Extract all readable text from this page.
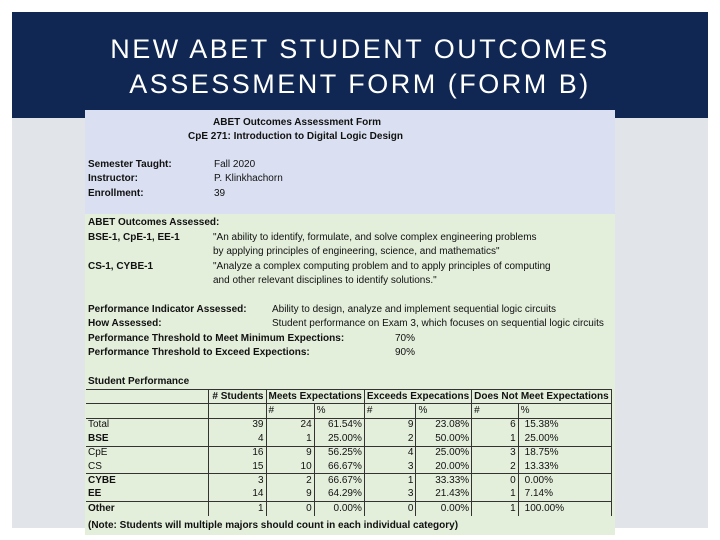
NEW ABET STUDENT OUTCOMES
ASSESSMENT FORM (FORM B)
ABET Outcomes Assessment Form
CpE 271: Introduction to Digital Logic Design
Semester Taught:	Fall 2020
Instructor:	P. Klinkhachorn
Enrollment:	39
ABET Outcomes Assessed:
BSE-1, CpE-1, EE-1	"An ability to identify, formulate, and solve complex engineering problems
by applying principles of engineering, science, and mathematics"
CS-1, CYBE-1	"Analyze a complex computing problem and to apply principles of computing
and other relevant disciplines to identify solutions."
Performance Indicator Assessed:	Ability to design, analyze and implement sequential logic circuits
How Assessed:	Student performance on Exam 3, which focuses on sequential logic circuits
Performance Threshold to Meet Minimum Expections:	70%
Performance Threshold to Exceed Expections:	90%
Student Performance
	# Students	Meets Expectations		Exceeds Expecations		Does Not Meet Expectations	
		#	%	#	%	#	%
Total	39	24	61.54%	9	23.08%	6	15.38%
BSE	4	1	25.00%	2	50.00%	1	25.00%
CpE	16	9	56.25%	4	25.00%	3	18.75%
CS	15	10	66.67%	3	20.00%	2	13.33%
CYBE	3	2	66.67%	1	33.33%	0	0.00%
EE	14	9	64.29%	3	21.43%	1	7.14%
Other	1	0	0.00%	0	0.00%	1	100.00%
(Note: Students will multiple majors should count in each individual category)
